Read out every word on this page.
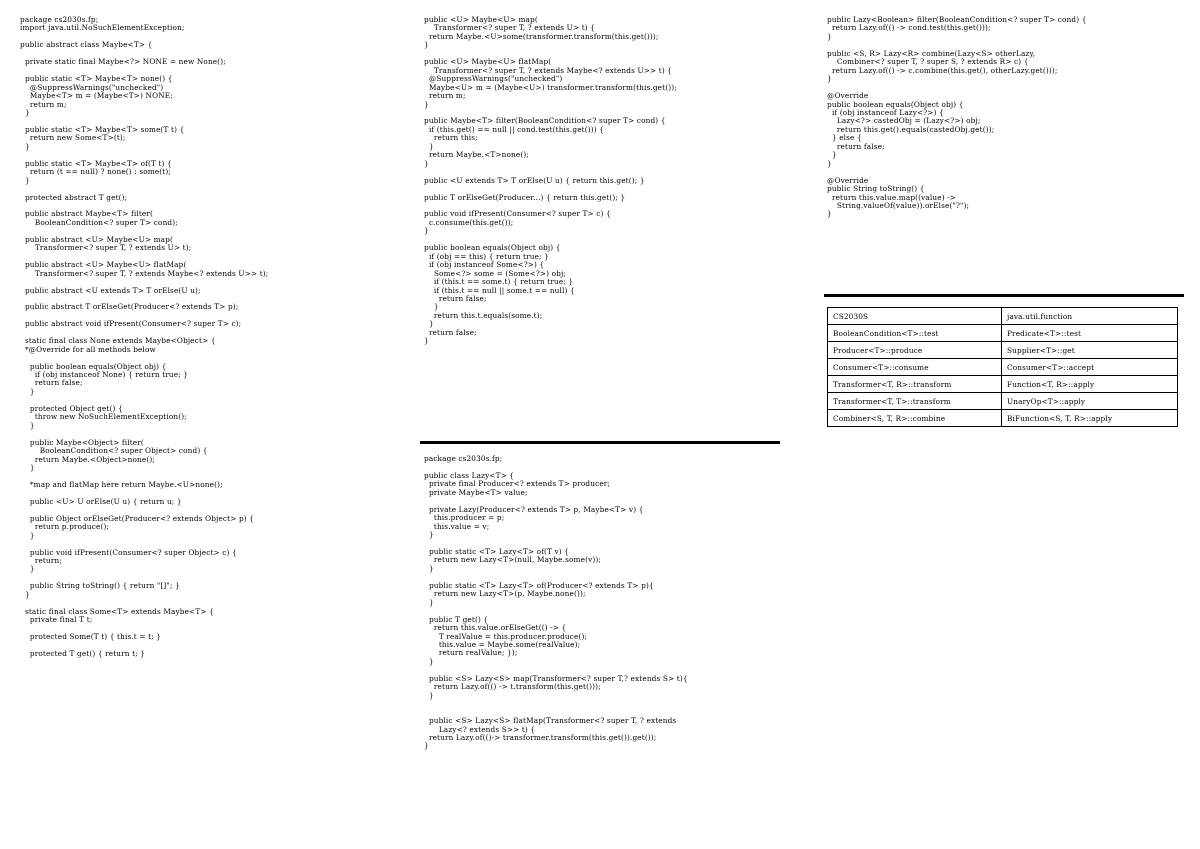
package cs2030s.fp;
import java.util.NoSuchElementException;

public abstract class Maybe<T> {

private static final Maybe<?> NONE = new None();

public static <T> Maybe<T> none() {
@SuppressWarnings("unchecked")
Maybe<T> m = (Maybe<T>) NONE;
return m;
}

public static <T> Maybe<T> some(T t) {
return new Some<T>(t);
}

public static <T> Maybe<T> of(T t) {
return (t == null) ? none() : some(t);
}

protected abstract T get();

public abstract Maybe<T> filter(
BooleanCondition<? super T> cond);

public abstract <U> Maybe<U> map(
Transformer<? super T, ? extends U> t);

public abstract <U> Maybe<U> flatMap(
Transformer<? super T, ? extends Maybe<? extends U>> t);

public abstract <U extends T> T orElse(U u);

public abstract T orElseGet(Producer<? extends T> p);

public abstract void ifPresent(Consumer<? super T> c);

static final class None extends Maybe<Object> {
*@Override for all methods below

public boolean equals(Object obj) {
if (obj instanceof None) { return true; }
return false;
}

protected Object get() {
throw new NoSuchElementException();
}

public Maybe<Object> filter(
BooleanCondition<? super Object> cond) {
return Maybe.<Object>none();
}

*map and flatMap here return Maybe.<U>none();

public <U> U orElse(U u) { return u; }

public Object orElseGet(Producer<? extends Object> p) {
return p.produce();
}

public void ifPresent(Consumer<? super Object> c) {
return;
}

public String toString() { return "[]"; }
}

static final class Some<T> extends Maybe<T> {
private final T t;

protected Some(T t) { this.t = t; }

protected T get() { return t; }
public <U> Maybe<U> map(
Transformer<? super T, ? extends U> t) {
return Maybe.<U>some(transformer.transform(this.get()));
}

public <U> Maybe<U> flatMap(
Transformer<? super T, ? extends Maybe<? extends U>> t) {
@SuppressWarnings("unchecked")
Maybe<U> m = (Maybe<U>) transformer.transform(this.get());
return m;
}

public Maybe<T> filter(BooleanCondition<? super T> cond) {
if (this.get() == null || cond.test(this.get())) {
return this;
}
return Maybe.<T>none();
}

public <U extends T> T orElse(U u) { return this.get(); }

public T orElseGet(Producer...) { return this.get(); }

public void ifPresent(Consumer<? super T> c) {
c.consume(this.get());
}

public boolean equals(Object obj) {
if (obj == this) { return true; }
if (obj instanceof Some<?>) {
Some<?> some = (Some<?>) obj;
if (this.t == some.t) { return true; }
if (this.t == null || some.t == null) {
return false;
}
return this.t.equals(some.t);
}
return false;
}
package cs2030s.fp;

public class Lazy<T> {
private final Producer<? extends T> producer;
private Maybe<T> value;

private Lazy(Producer<? extends T> p, Maybe<T> v) {
this.producer = p;
this.value = v;
}

public static <T> Lazy<T> of(T v) {
return new Lazy<T>(null, Maybe.some(v));
}

public static <T> Lazy<T> of(Producer<? extends T> p){
return new Lazy<T>(p, Maybe.none());
}

public T get() {
return this.value.orElseGet(() -> {
T realValue = this.producer.produce();
this.value = Maybe.some(realValue);
return realValue; });
}

public <S> Lazy<S> map(Transformer<? super T,? extends S> t){
return Lazy.of(() -> t.transform(this.get()));
}

public <S> Lazy<S> flatMap(Transformer<? super T, ? extends
Lazy<? extends S>> t) {
return Lazy.of(()-> transformer.transform(this.get()).get());
}
public Lazy<Boolean> filter(BooleanCondition<? super T> cond) {
return Lazy.of(() -> cond.test(this.get()));
}

public <S, R> Lazy<R> combine(Lazy<S> otherLazy,
Combiner<? super T, ? super S, ? extends R> c) {
return Lazy.of(() -> c.combine(this.get(), otherLazy.get()));
}

@Override
public boolean equals(Object obj) {
if (obj instanceof Lazy<?>) {
Lazy<?> castedObj = (Lazy<?>) obj;
return this.get().equals(castedObj.get());
} else {
return false;
}
}

@Override
public String toString() {
return this.value.map((value) ->
String.valueOf(value)).orElse("?");
}
CS2030S	java.util.function
BooleanCondition<T>::test	Predicate<T>::test
Producer<T>::produce	Supplier<T>::get
Consumer<T>::consume	Consumer<T>::accept
Transformer<T, R>::transform	Function<T, R>::apply
Transformer<T, T>::transform	UnaryOp<T>::apply
Combiner<S, T, R>::combine	BiFunction<S, T, R>::apply
